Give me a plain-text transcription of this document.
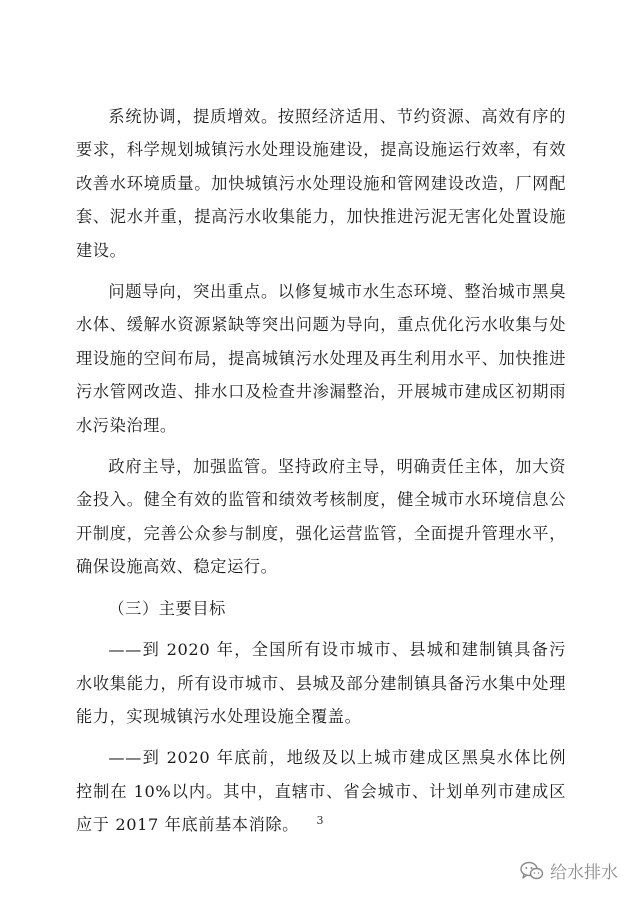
系统协调，提质增效。按照经济适用、节约资源、高效有序的要求，科学规划城镇污水处理设施建设，提高设施运行效率，有效改善水环境质量。加快城镇污水处理设施和管网建设改造，厂网配套、泥水并重，提高污水收集能力，加快推进污泥无害化处置设施建设。

问题导向，突出重点。以修复城市水生态环境、整治城市黑臭水体、缓解水资源紧缺等突出问题为导向，重点优化污水收集与处理设施的空间布局，提高城镇污水处理及再生利用水平、加快推进污水管网改造、排水口及检查井渗漏整治，开展城市建成区初期雨水污染治理。

政府主导，加强监管。坚持政府主导，明确责任主体，加大资金投入。健全有效的监管和绩效考核制度，健全城市水环境信息公开制度，完善公众参与制度，强化运营监管，全面提升管理水平，确保设施高效、稳定运行。

（三）主要目标

——到 2020 年，全国所有设市城市、县城和建制镇具备污水收集能力，所有设市城市、县城及部分建制镇具备污水集中处理能力，实现城镇污水处理设施全覆盖。

——到 2020 年底前，地级及以上城市建成区黑臭水体比例控制在 10%以内。其中，直辖市、省会城市、计划单列市建成区应于 2017 年底前基本消除。	3
给水排水
